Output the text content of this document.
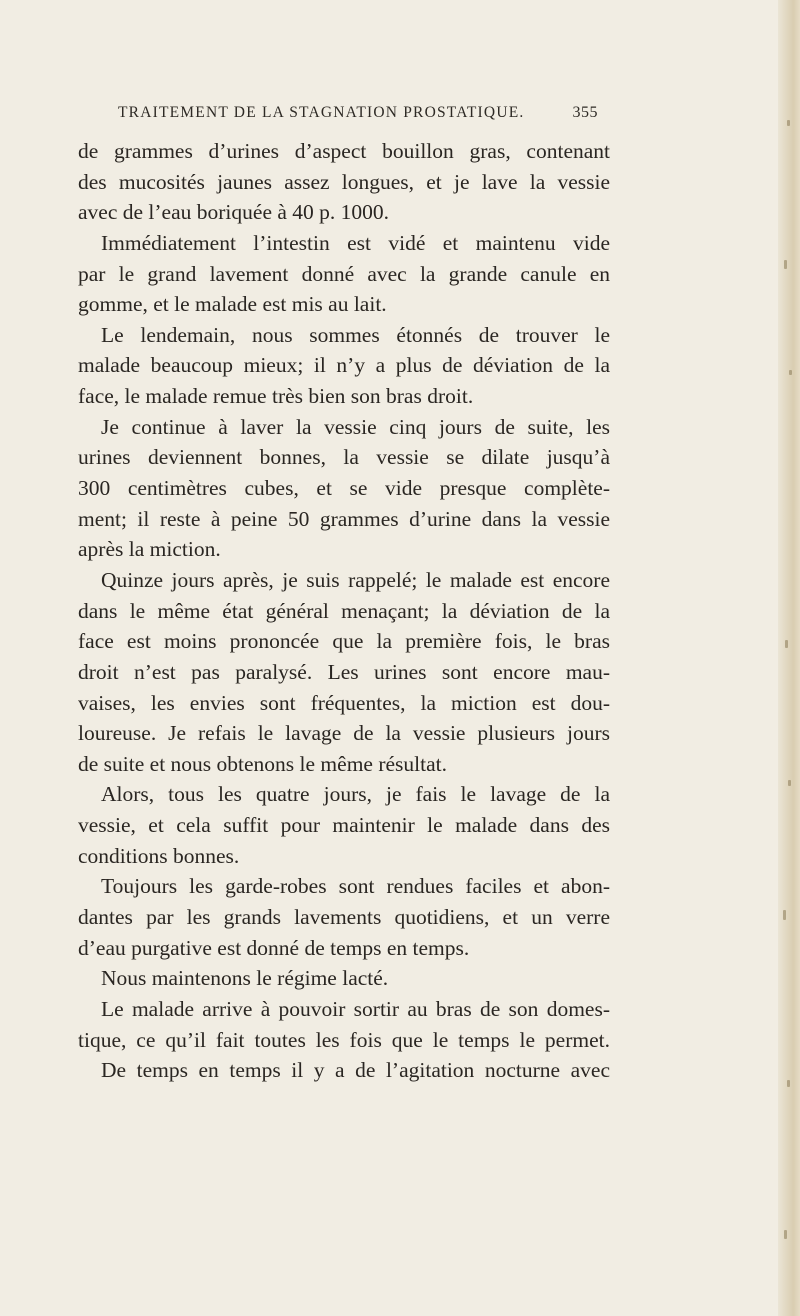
TRAITEMENT DE LA STAGNATION PROSTATIQUE.	355
de grammes d’urines d’aspect bouillon gras, contenant
des mucosités jaunes assez longues, et je lave la vessie
avec de l’eau boriquée à 40 p. 1000.
Immédiatement l’intestin est vidé et maintenu vide
par le grand lavement donné avec la grande canule en
gomme, et le malade est mis au lait.
Le lendemain, nous sommes étonnés de trouver le
malade beaucoup mieux; il n’y a plus de déviation de la
face, le malade remue très bien son bras droit.
Je continue à laver la vessie cinq jours de suite, les
urines deviennent bonnes, la vessie se dilate jusqu’à
300 centimètres cubes, et se vide presque complète-
ment; il reste à peine 50 grammes d’urine dans la vessie
après la miction.
Quinze jours après, je suis rappelé; le malade est encore
dans le même état général menaçant; la déviation de la
face est moins prononcée que la première fois, le bras
droit n’est pas paralysé. Les urines sont encore mau-
vaises, les envies sont fréquentes, la miction est dou-
loureuse. Je refais le lavage de la vessie plusieurs jours
de suite et nous obtenons le même résultat.
Alors, tous les quatre jours, je fais le lavage de la
vessie, et cela suffit pour maintenir le malade dans des
conditions bonnes.
Toujours les garde-robes sont rendues faciles et abon-
dantes par les grands lavements quotidiens, et un verre
d’eau purgative est donné de temps en temps.
Nous maintenons le régime lacté.
Le malade arrive à pouvoir sortir au bras de son domes-
tique, ce qu’il fait toutes les fois que le temps le permet.
De temps en temps il y a de l’agitation nocturne avec
